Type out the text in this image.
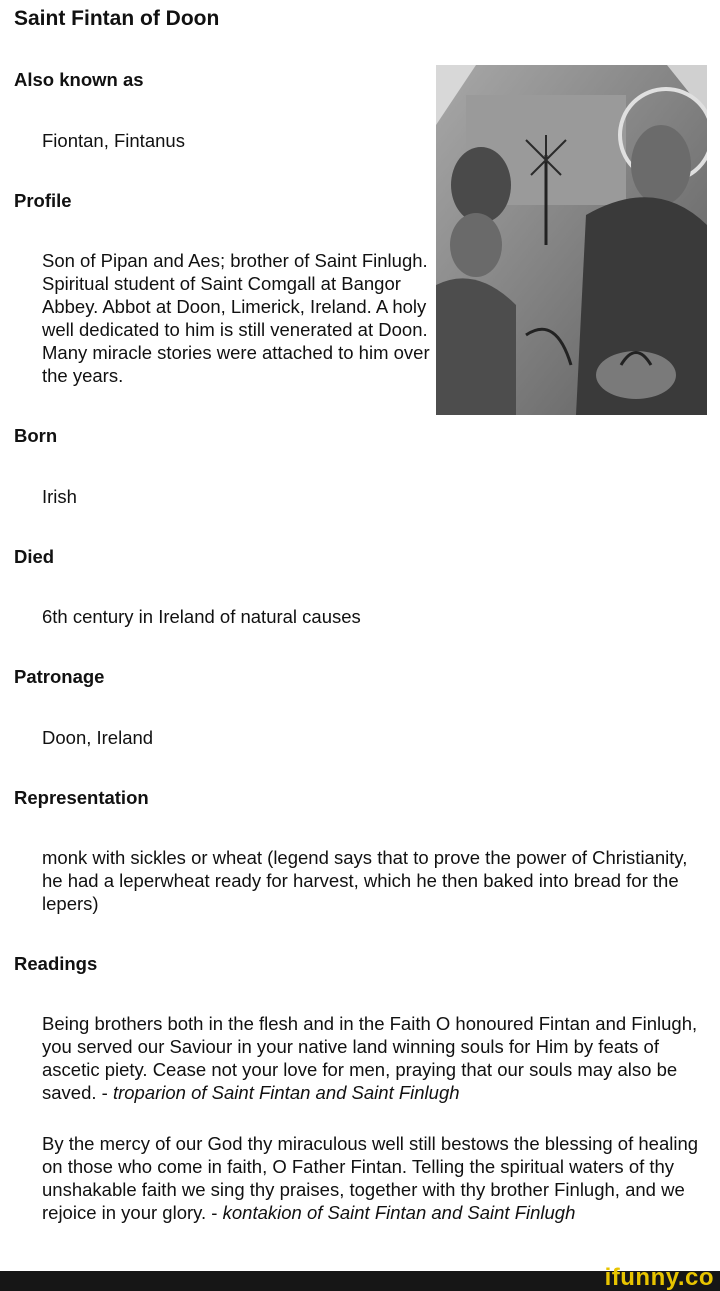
Saint Fintan of Doon
Also known as

Fiontan, Fintanus

Profile

Son of Pipan and Aes; brother of Saint Finlugh. Spiritual student of Saint Comgall at Bangor Abbey. Abbot at Doon, Limerick, Ireland. A holy well dedicated to him is still venerated at Doon. Many miracle stories were attached to him over the years.

Born

Irish

Died

6th century in Ireland of natural causes

Patronage

Doon, Ireland

Representation

monk with sickles or wheat (legend says that to prove the power of Christianity, he had a leperwheat ready for harvest, which he then baked into bread for the lepers)

Readings

Being brothers both in the flesh and in the Faith O honoured Fintan and Finlugh, you served our Saviour in your native land winning souls for Him by feats of ascetic piety. Cease not your love for men, praying that our souls may also be saved. - troparion of Saint Fintan and Saint Finlugh

By the mercy of our God thy miraculous well still bestows the blessing of healing on those who come in faith, O Father Fintan. Telling the spiritual waters of thy unshakable faith we sing thy praises, together with thy brother Finlugh, and we rejoice in your glory. - kontakion of Saint Fintan and Saint Finlugh

ifunny.co
